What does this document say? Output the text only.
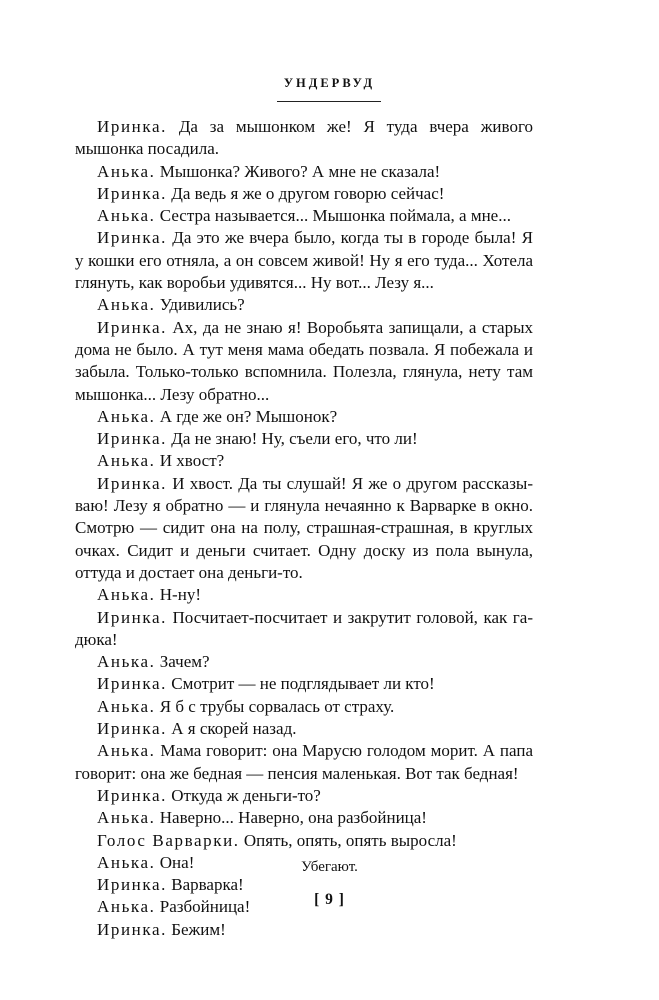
УНДЕРВУД

Иринка. Да за мышонком же! Я туда вчера живого мышонка посадила.

Анька. Мышонка? Живого? А мне не сказала!

Иринка. Да ведь я же о другом говорю сейчас!

Анька. Сестра называется... Мышонка поймала, а мне...

Иринка. Да это же вчера было, когда ты в городе была! Я у кошки его отняла, а он совсем живой! Ну я его туда... Хотела глянуть, как воробьи удивятся... Ну вот... Лезу я...

Анька. Удивились?

Иринка. Ах, да не знаю я! Воробьята запищали, а старых дома не было. А тут меня мама обедать позвала. Я побежала и забыла. Только-только вспомнила. Полезла, глянула, нету там мышонка... Лезу обратно...

Анька. А где же он? Мышонок?

Иринка. Да не знаю! Ну, съели его, что ли!

Анька. И хвост?

Иринка. И хвост. Да ты слушай! Я же о другом рассказываю! Лезу я обратно — и глянула нечаянно к Варварке в окно. Смотрю — сидит она на полу, страшная-страшная, в круглых очках. Сидит и деньги считает. Одну доску из пола вынула, оттуда и достает она деньги-то.

Анька. Н-ну!

Иринка. Посчитает-посчитает и закрутит головой, как гадюка!

Анька. Зачем?

Иринка. Смотрит — не подглядывает ли кто!

Анька. Я б с трубы сорвалась от страху.

Иринка. А я скорей назад.

Анька. Мама говорит: она Марусю голодом морит. А папа говорит: она же бедная — пенсия маленькая. Вот так бедная!

Иринка. Откуда ж деньги-то?

Анька. Наверно... Наверно, она разбойница!

Голос Варварки. Опять, опять, опять выросла!

Анька. Она!

Иринка. Варварка!

Анька. Разбойница!

Иринка. Бежим!

Убегают.
[ 9 ]
